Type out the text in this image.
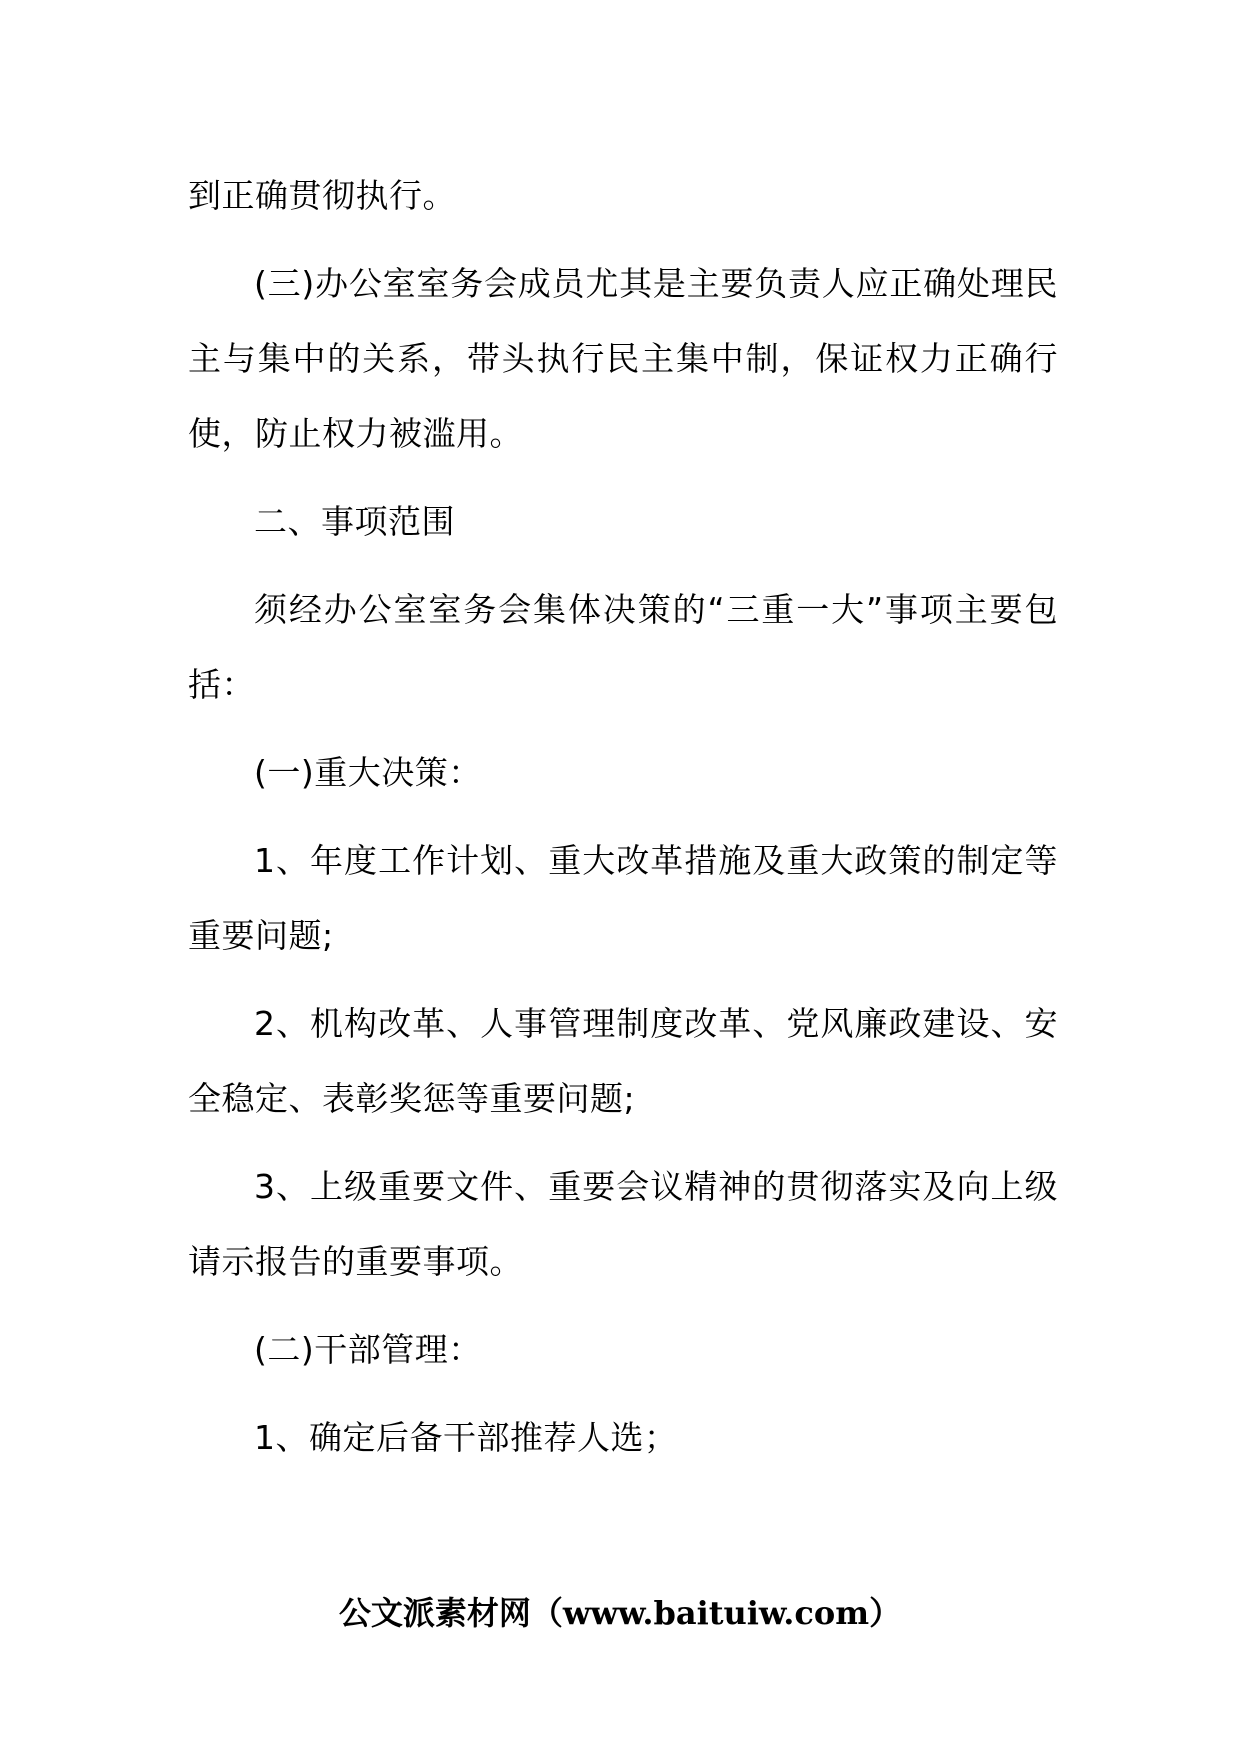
到正确贯彻执行。

(三)办公室室务会成员尤其是主要负责人应正确处理民主与集中的关系，带头执行民主集中制，保证权力正确行使，防止权力被滥用。

二、事项范围

须经办公室室务会集体决策的“三重一大”事项主要包括：

(一)重大决策：

1、年度工作计划、重大改革措施及重大政策的制定等重要问题;

2、机构改革、人事管理制度改革、党风廉政建设、安全稳定、表彰奖惩等重要问题;

3、上级重要文件、重要会议精神的贯彻落实及向上级请示报告的重要事项。

(二)干部管理：

1、确定后备干部推荐人选；

公文派素材网（www.baituiw.com）
